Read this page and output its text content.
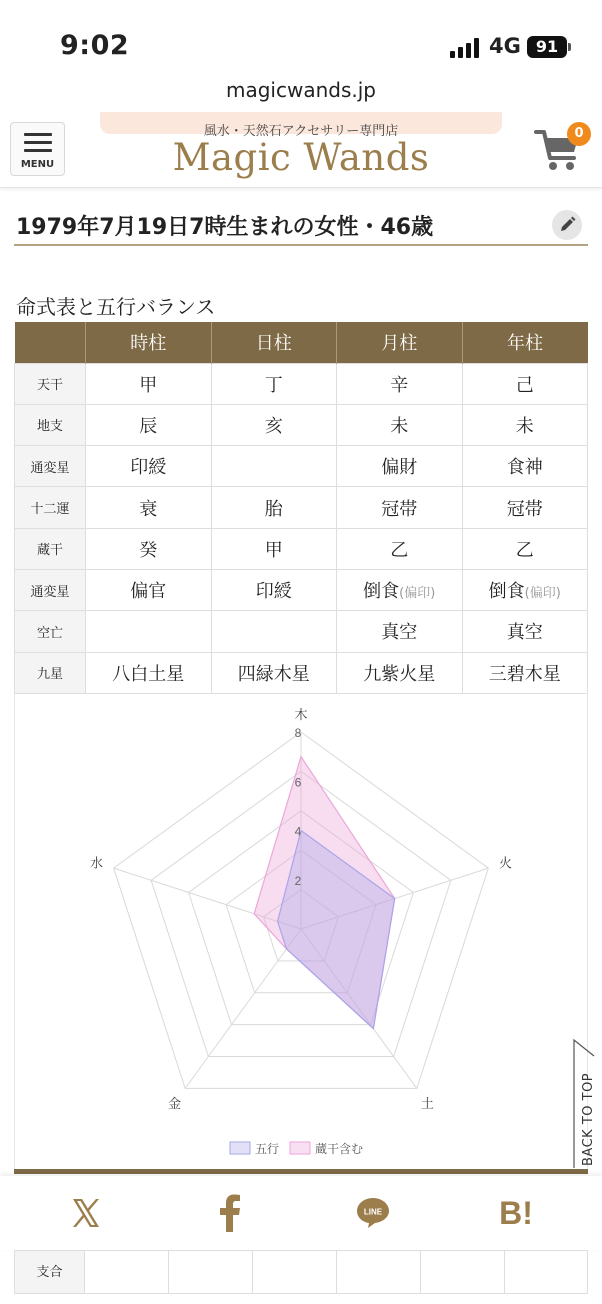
9:02	4G 91
magicwands.jp
MENU
風水・天然石アクセサリー専門店
Magic Wands
0
1979年7月19日7時生まれの女性・46歳
命式表と五行バランス
	時柱	日柱	月柱	年柱
天干	甲	丁	辛	己
地支	辰	亥	未	未
通変星	印綬		偏財	食神
十二運	衰	胎	冠帯	冠帯
蔵干	癸	甲	乙	乙
通変星	偏官	印綬	倒食(偏印)	倒食(偏印)
空亡			真空	真空
九星	八白土星	四緑木星	九紫火星	三碧木星
2
4
6
8
木
火
土
金
水
五行	蔵干含む	BACK TO TOP
LINE	B!
支合
